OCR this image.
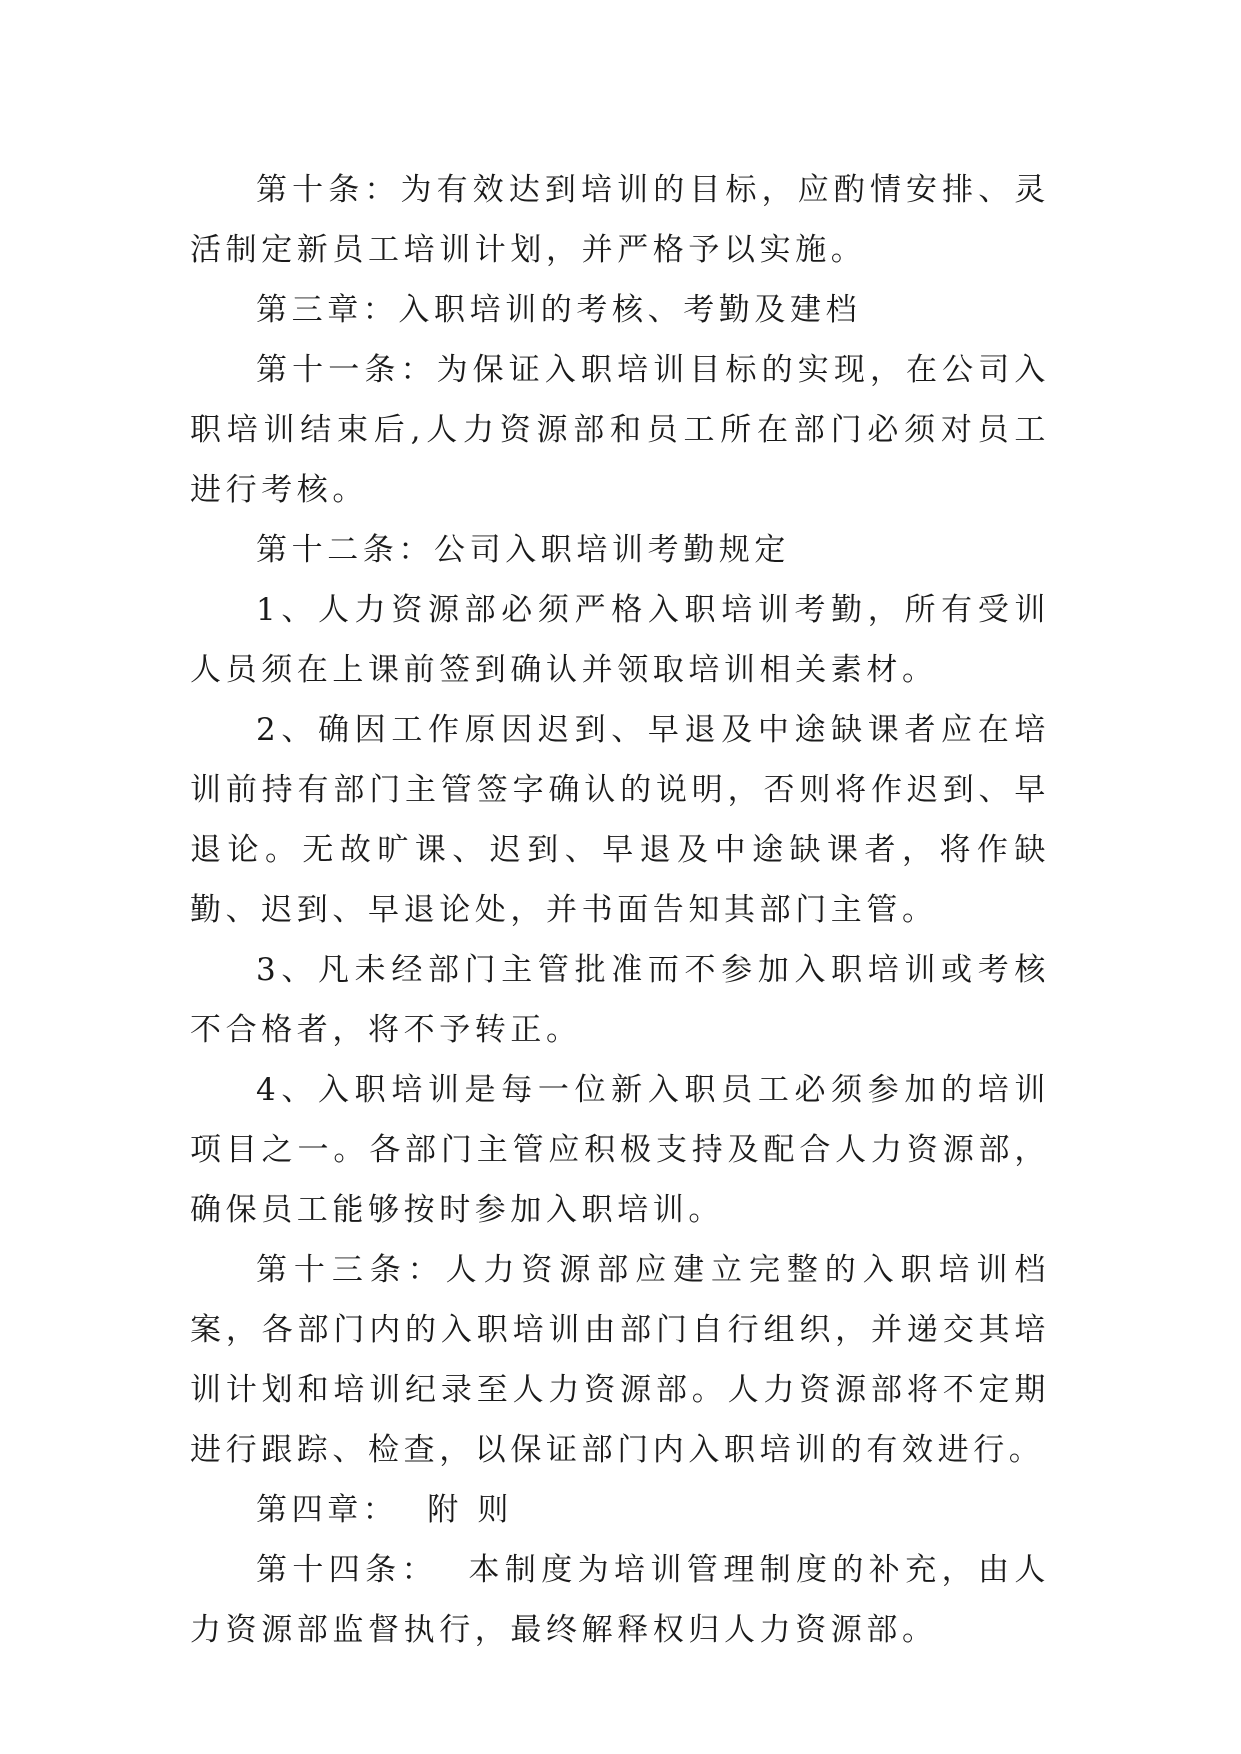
第十条：为有效达到培训的目标，应酌情安排、灵活制定新员工培训计划，并严格予以实施。

第三章：入职培训的考核、考勤及建档

第十一条：为保证入职培训目标的实现，在公司入职培训结束后,人力资源部和员工所在部门必须对员工进行考核。

第十二条：公司入职培训考勤规定

1、人力资源部必须严格入职培训考勤，所有受训人员须在上课前签到确认并领取培训相关素材。

2、确因工作原因迟到、早退及中途缺课者应在培训前持有部门主管签字确认的说明，否则将作迟到、早退论。无故旷课、迟到、早退及中途缺课者，将作缺勤、迟到、早退论处，并书面告知其部门主管。

3、凡未经部门主管批准而不参加入职培训或考核不合格者，将不予转正。

4、入职培训是每一位新入职员工必须参加的培训项目之一。各部门主管应积极支持及配合人力资源部，确保员工能够按时参加入职培训。

第十三条：人力资源部应建立完整的入职培训档案，各部门内的入职培训由部门自行组织，并递交其培训计划和培训纪录至人力资源部。人力资源部将不定期进行跟踪、检查，以保证部门内入职培训的有效进行。

第四章：  附 则

第十四条：  本制度为培训管理制度的补充，由人力资源部监督执行，最终解释权归人力资源部。
